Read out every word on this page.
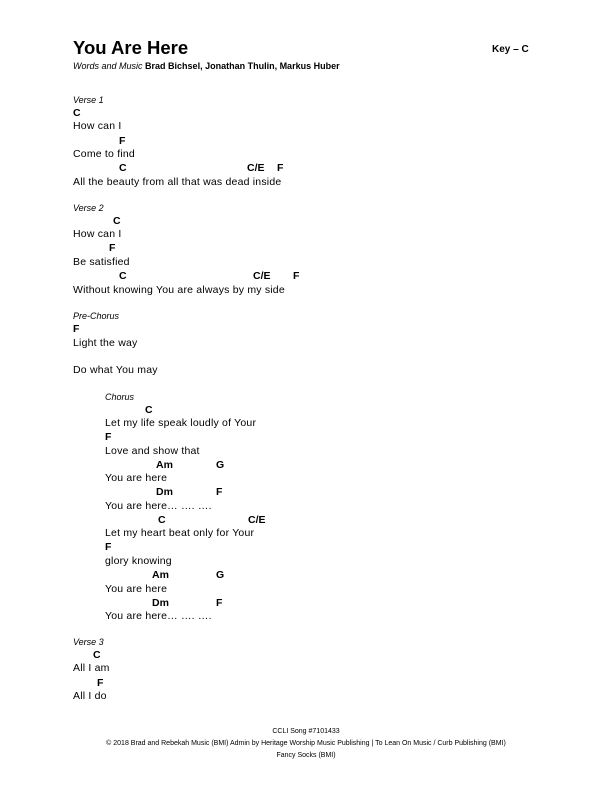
You Are Here	Key – C
Words and Music Brad Bichsel, Jonathan Thulin, Markus Huber
Verse 1
C
How can I
F
Come to find
C	C/E F
All the beauty from all that was dead inside
Verse 2
C
How can I
F
Be satisfied
C	C/E F
Without knowing You are always by my side
Pre-Chorus
F
Light the way
Do what You may
Chorus
C
Let my life speak loudly of Your
F
Love and show that
Am	G
You are here
Dm	F
You are here… …. ….
C	C/E
Let my heart beat only for Your
F
glory knowing
Am	G
You are here
Dm	F
You are here… …. ….
Verse 3
C
All I am
F
All I do
CCLI Song #7101433
© 2018 Brad and Rebekah Music (BMI) Admin by Heritage Worship Music Publishing | To Lean On Music / Curb Publishing (BMI)
Fancy Socks (BMI)
